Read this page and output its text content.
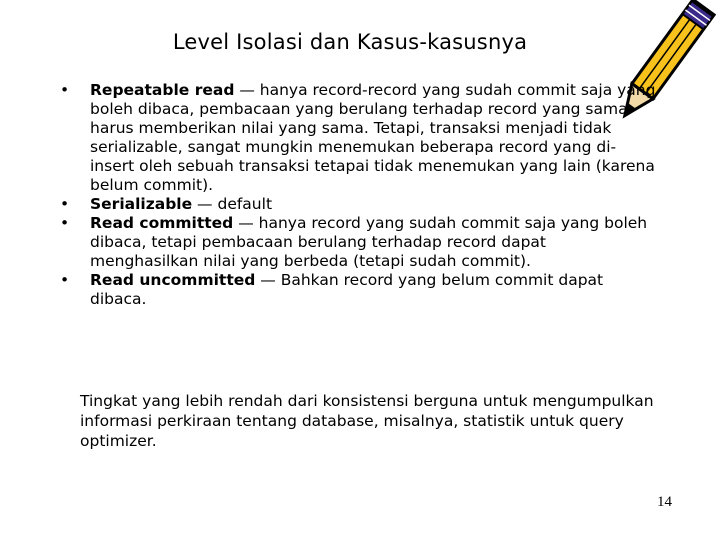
Level Isolasi dan Kasus-kasusnya
• Repeatable read — hanya record-record yang sudah commit saja yang boleh dibaca, pembacaan yang berulang terhadap record yang sama harus memberikan nilai yang sama. Tetapi, transaksi menjadi tidak serializable, sangat mungkin menemukan beberapa record yang di-insert oleh sebuah transaksi tetapai tidak menemukan yang lain (karena belum commit).
• Serializable — default
• Read committed — hanya record yang sudah commit saja yang boleh dibaca, tetapi pembacaan berulang terhadap record dapat menghasilkan nilai yang berbeda (tetapi sudah commit).
• Read uncommitted — Bahkan record yang belum commit dapat dibaca.
Tingkat yang lebih rendah dari konsistensi berguna untuk mengumpulkan informasi perkiraan tentang database, misalnya, statistik untuk query optimizer.
14
